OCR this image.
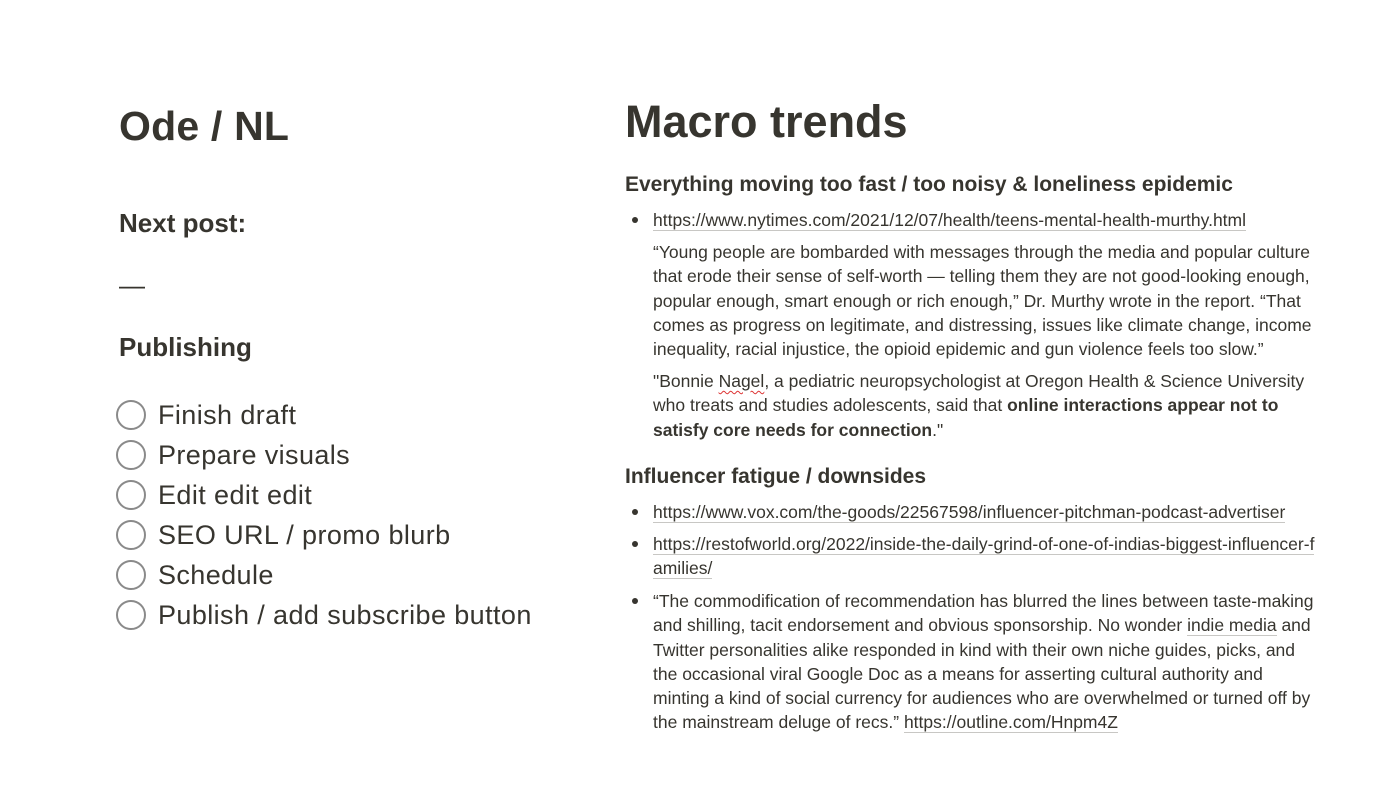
Ode / NL
Next post:
—
Publishing
Finish draft
Prepare visuals
Edit edit edit
SEO URL / promo blurb
Schedule
Publish / add subscribe button
Macro trends
Everything moving too fast / too noisy & loneliness epidemic
https://www.nytimes.com/2021/12/07/health/teens-mental-health-murthy.html
“Young people are bombarded with messages through the media and popular culture that erode their sense of self-worth — telling them they are not good-looking enough, popular enough, smart enough or rich enough,” Dr. Murthy wrote in the report. “That comes as progress on legitimate, and distressing, issues like climate change, income inequality, racial injustice, the opioid epidemic and gun violence feels too slow.”
"Bonnie Nagel, a pediatric neuropsychologist at Oregon Health & Science University who treats and studies adolescents, said that online interactions appear not to satisfy core needs for connection."
Influencer fatigue / downsides
https://www.vox.com/the-goods/22567598/influencer-pitchman-podcast-advertiser
https://restofworld.org/2022/inside-the-daily-grind-of-one-of-indias-biggest-influencer-families/
“The commodification of recommendation has blurred the lines between taste-making and shilling, tacit endorsement and obvious sponsorship. No wonder indie media and Twitter personalities alike responded in kind with their own niche guides, picks, and the occasional viral Google Doc as a means for asserting cultural authority and minting a kind of social currency for audiences who are overwhelmed or turned off by the mainstream deluge of recs.” https://outline.com/Hnpm4Z
